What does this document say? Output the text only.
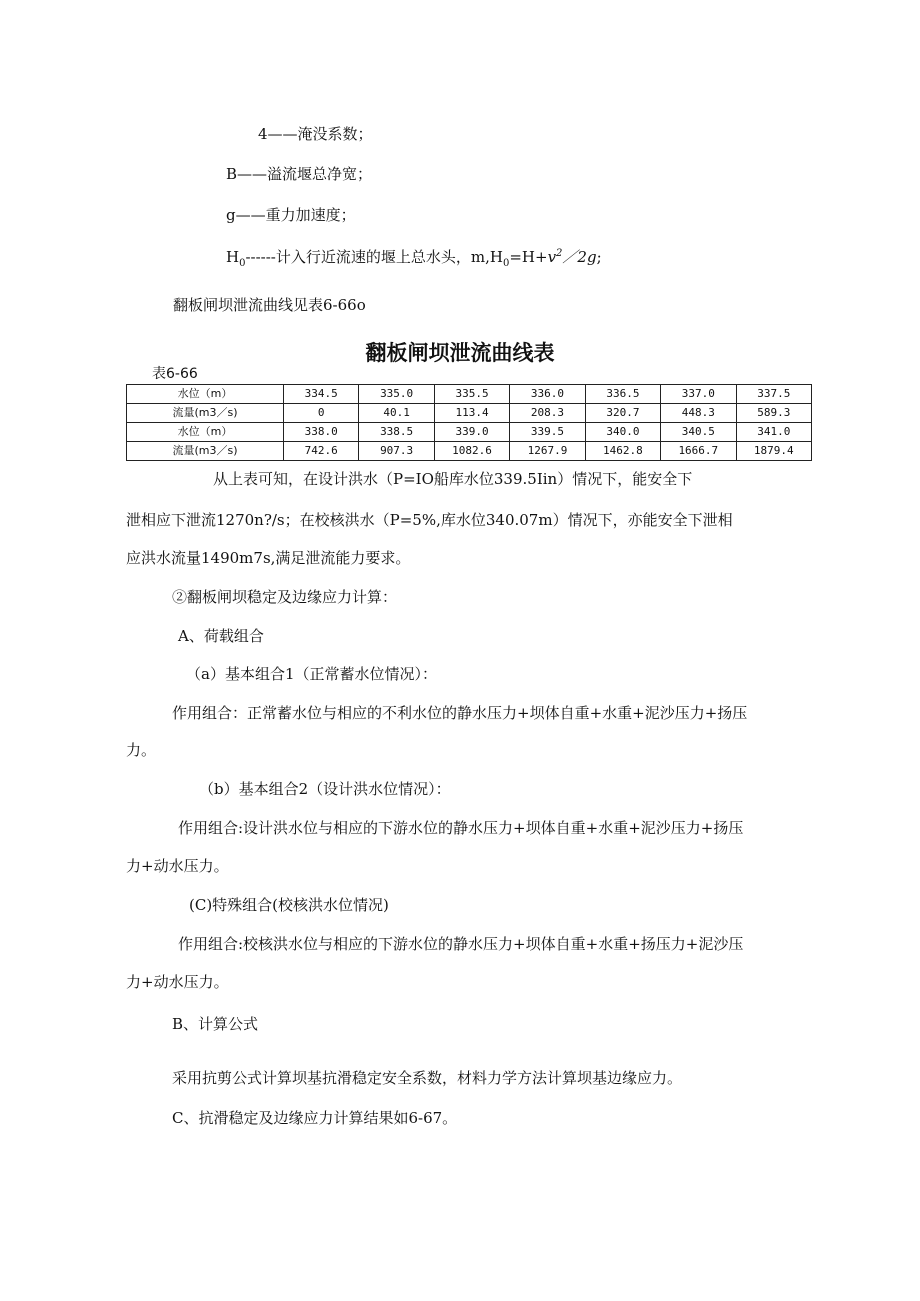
4——淹没系数；
B——溢流堰总净宽；
g——重力加速度；
$H_0------$计入行近流速的堰上总水头，$m,H_0=H+v^2/2g$;
翻板闸坝泄流曲线见表6-66o
翻板闸坝泄流曲线表
表6-66
水位（m）	334.5	335.0	335.5	336.0	336.5	337.0	337.5
流量(m3／s)	0	40.1	113.4	208.3	320.7	448.3	589.3
水位（m）	338.0	338.5	339.0	339.5	340.0	340.5	341.0
流量(m3／s)	742.6	907.3	1082.6	1267.9	1462.8	1666.7	1879.4
从上表可知，在设计洪水（P=IO船库水位339.5Iin）情况下，能安全下
泄相应下泄流1270n?/s；在校核洪水（P=5%,库水位340.07m）情况下，亦能安全下泄相
应洪水流量1490m7s,满足泄流能力要求。
②翻板闸坝稳定及边缘应力计算：
A、荷载组合
（a）基本组合1（正常蓄水位情况）：
作用组合：正常蓄水位与相应的不利水位的静水压力+坝体自重+水重+泥沙压力+扬压
力。
（b）基本组合2（设计洪水位情况）：
作用组合:设计洪水位与相应的下游水位的静水压力+坝体自重+水重+泥沙压力+扬压
力+动水压力。
(C)特殊组合(校核洪水位情况)
作用组合:校核洪水位与相应的下游水位的静水压力+坝体自重+水重+扬压力+泥沙压
力+动水压力。
B、计算公式
采用抗剪公式计算坝基抗滑稳定安全系数，材料力学方法计算坝基边缘应力。
C、抗滑稳定及边缘应力计算结果如6-67。
